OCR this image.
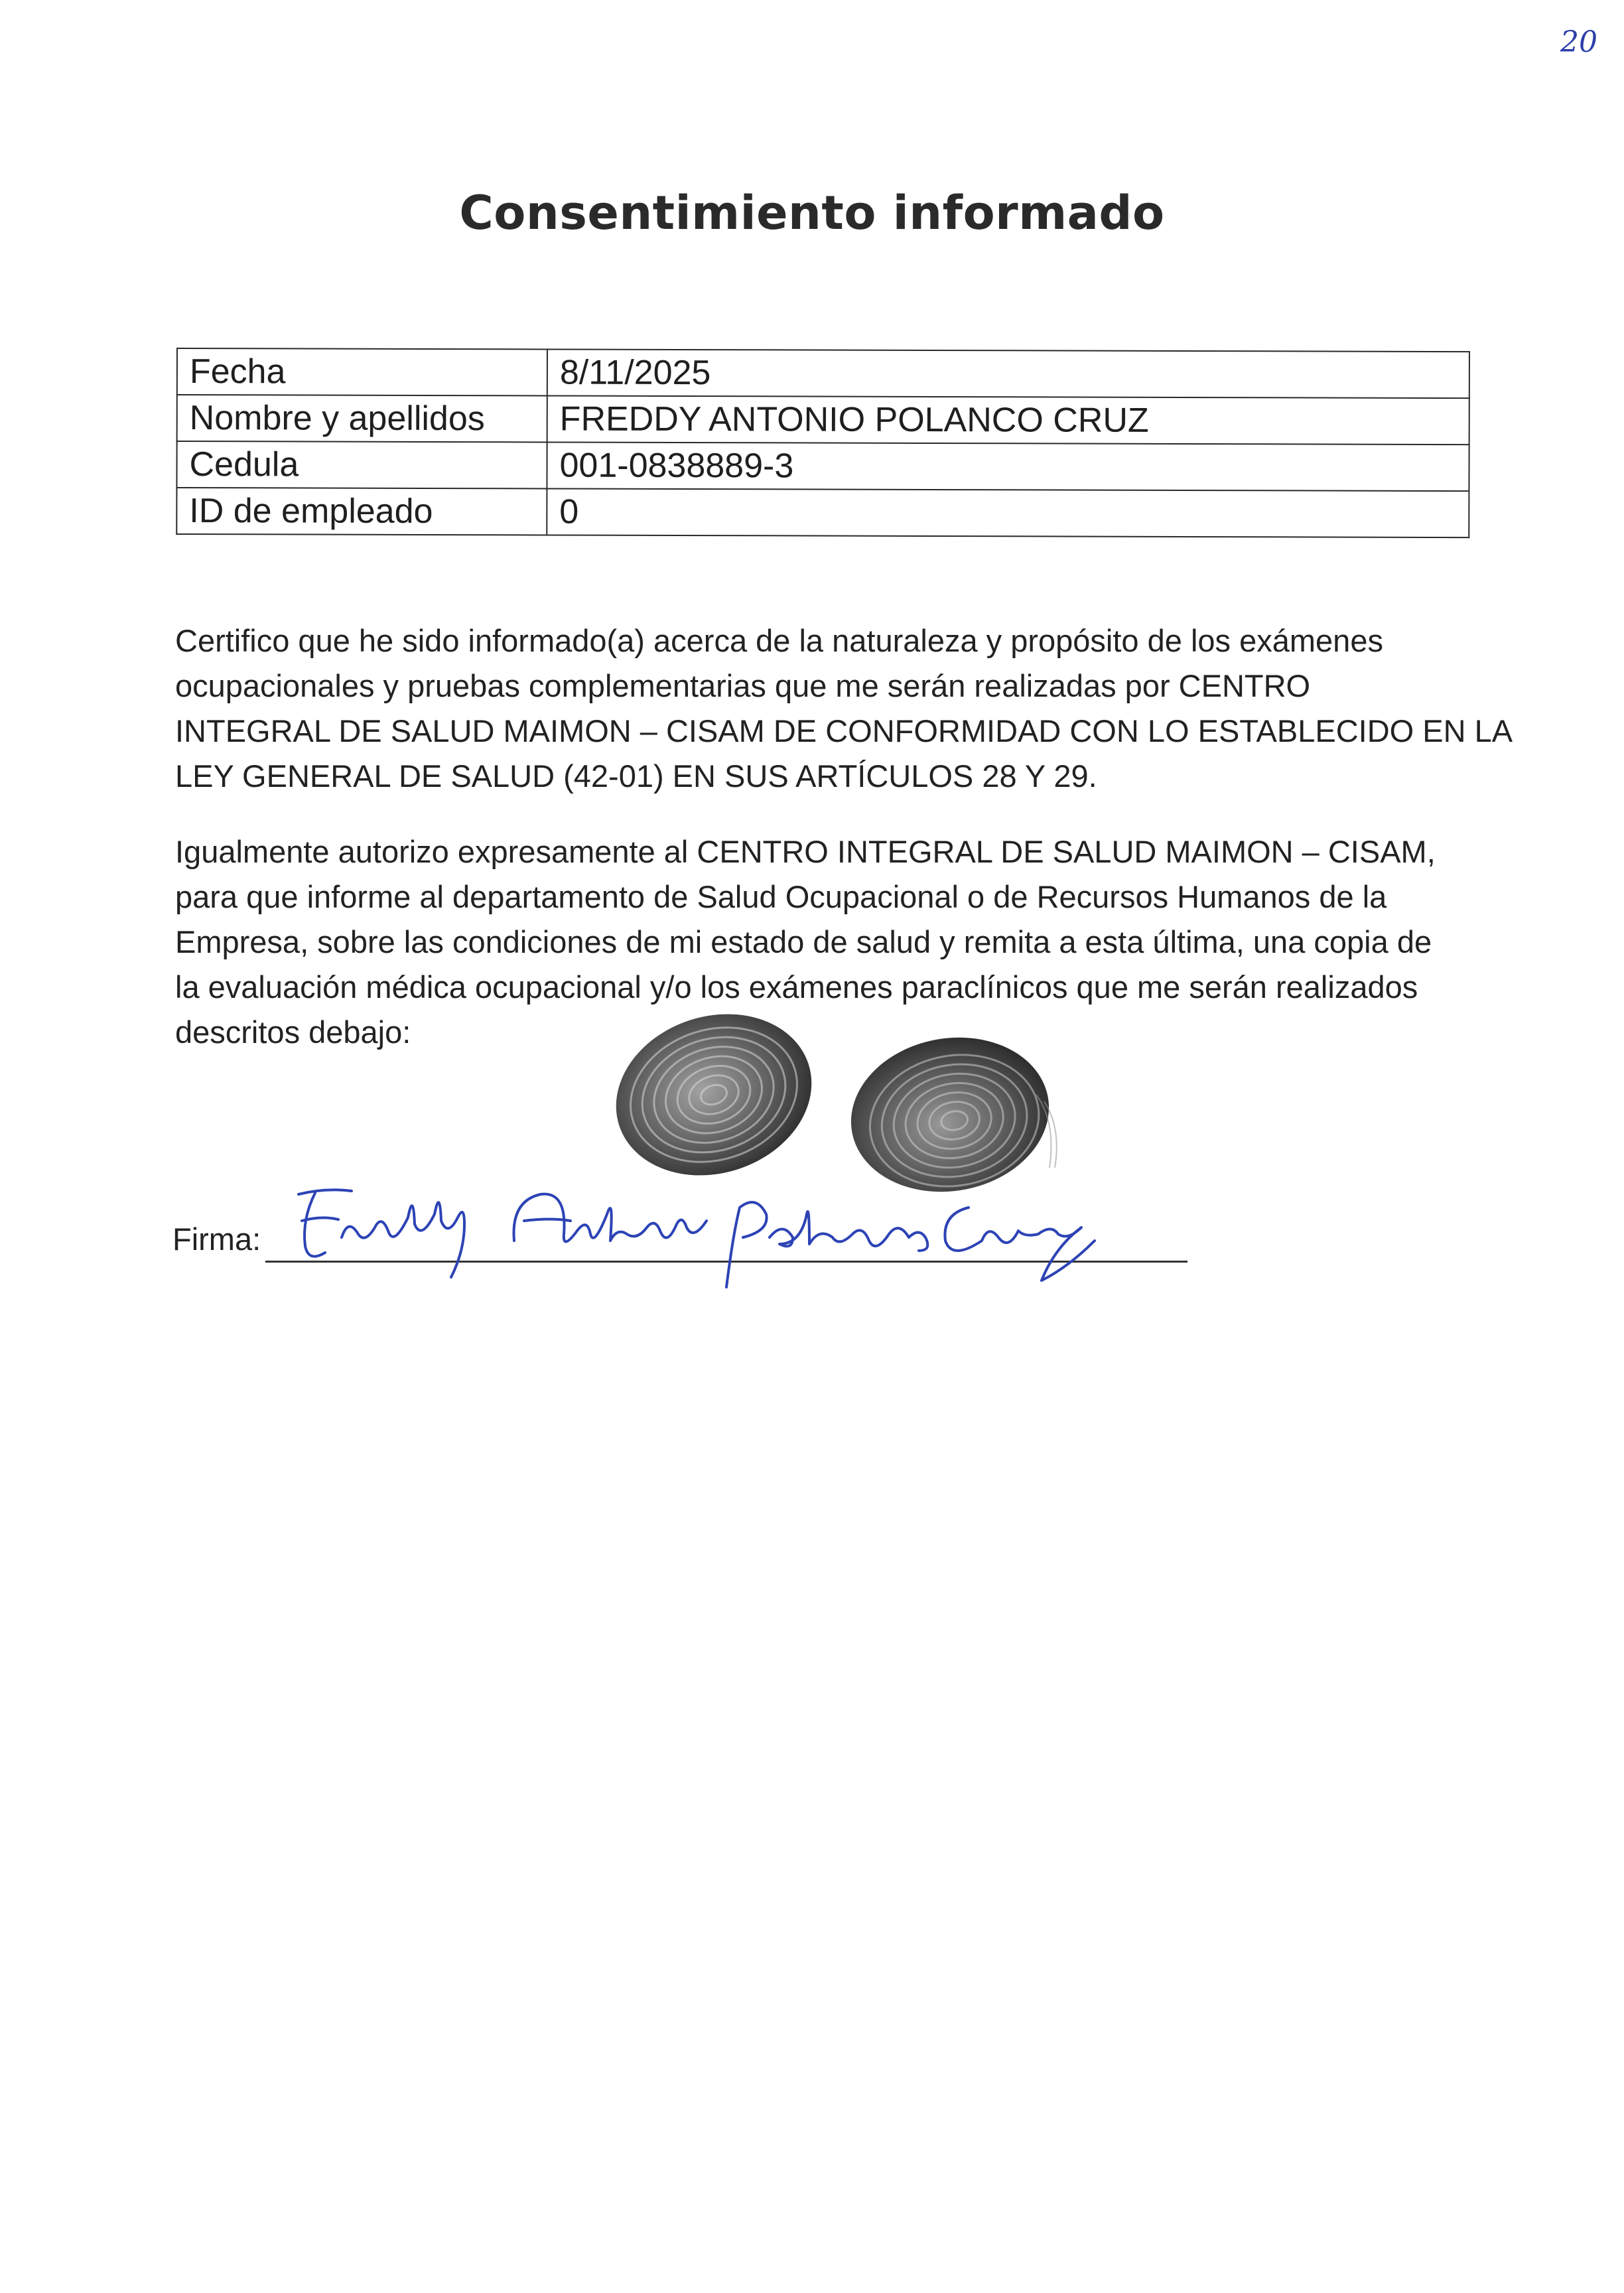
20
Consentimiento informado
Fecha	8/11/2025
Nombre y apellidos	FREDDY ANTONIO POLANCO CRUZ
Cedula	001-0838889-3
ID de empleado	0
Certifico que he sido informado(a) acerca de la naturaleza y propósito de los exámenes
ocupacionales y pruebas complementarias que me serán realizadas por CENTRO
INTEGRAL DE SALUD MAIMON – CISAM DE CONFORMIDAD CON LO ESTABLECIDO EN LA
LEY GENERAL DE SALUD (42-01) EN SUS ARTÍCULOS 28 Y 29.
Igualmente autorizo expresamente al CENTRO INTEGRAL DE SALUD MAIMON – CISAM,
para que informe al departamento de Salud Ocupacional o de Recursos Humanos de la
Empresa, sobre las condiciones de mi estado de salud y remita a esta última, una copia de
la evaluación médica ocupacional y/o los exámenes paraclínicos que me serán realizados
descritos debajo:
Firma:
